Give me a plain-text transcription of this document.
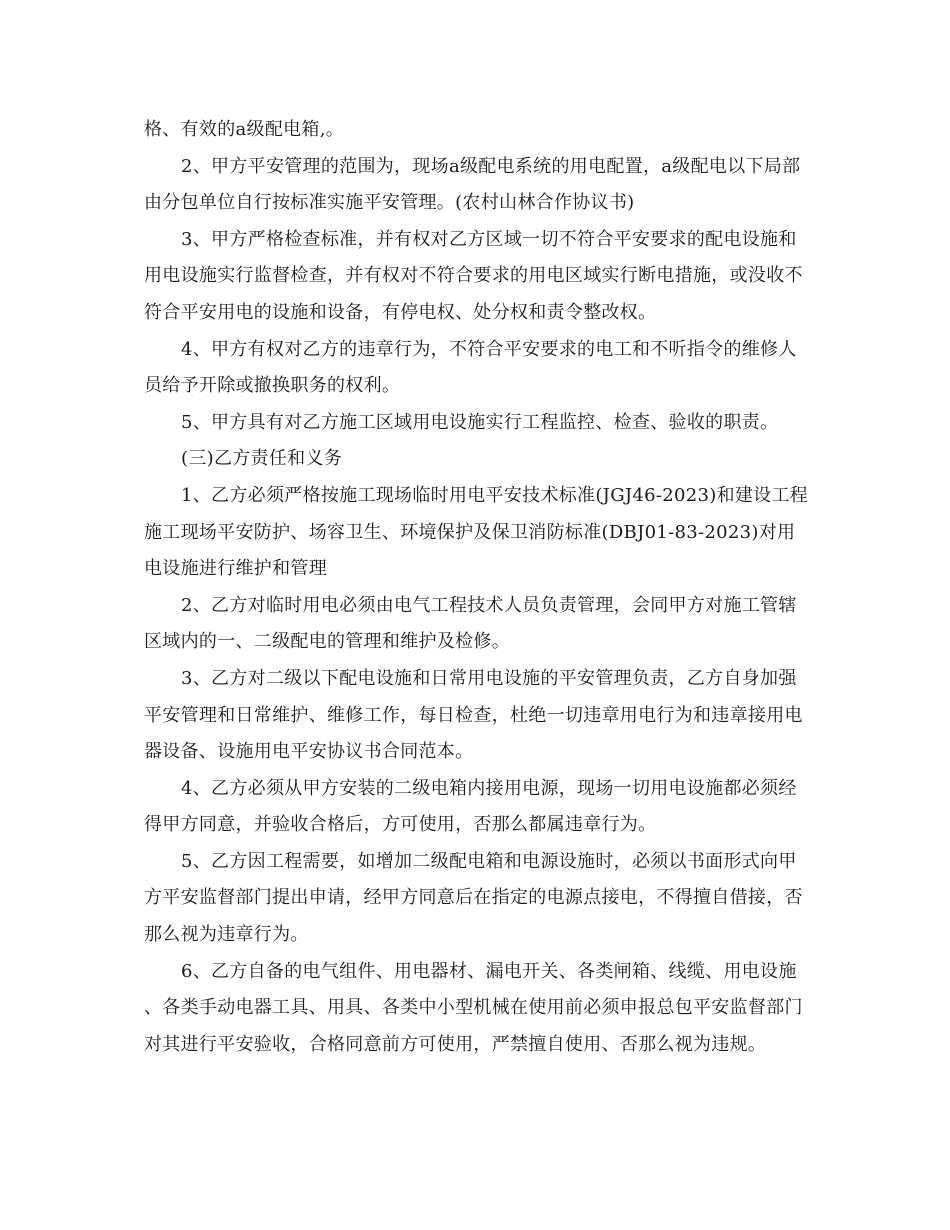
格、有效的a级配电箱,。

2、甲方平安管理的范围为，现场a级配电系统的用电配置，a级配电以下局部由分包单位自行按标准实施平安管理。(农村山林合作协议书)

3、甲方严格检查标准，并有权对乙方区域一切不符合平安要求的配电设施和用电设施实行监督检查，并有权对不符合要求的用电区域实行断电措施，或没收不符合平安用电的设施和设备，有停电权、处分权和责令整改权。

4、甲方有权对乙方的违章行为，不符合平安要求的电工和不听指令的维修人员给予开除或撤换职务的权利。

5、甲方具有对乙方施工区域用电设施实行工程监控、检查、验收的职责。

(三)乙方责任和义务

1、乙方必须严格按施工现场临时用电平安技术标准(JGJ46-2023)和建设工程施工现场平安防护、场容卫生、环境保护及保卫消防标准(DBJ01-83-2023)对用电设施进行维护和管理

2、乙方对临时用电必须由电气工程技术人员负责管理，会同甲方对施工管辖区域内的一、二级配电的管理和维护及检修。

3、乙方对二级以下配电设施和日常用电设施的平安管理负责，乙方自身加强平安管理和日常维护、维修工作，每日检查，杜绝一切违章用电行为和违章接用电器设备、设施用电平安协议书合同范本。

4、乙方必须从甲方安装的二级电箱内接用电源，现场一切用电设施都必须经得甲方同意，并验收合格后，方可使用，否那么都属违章行为。

5、乙方因工程需要，如增加二级配电箱和电源设施时，必须以书面形式向甲方平安监督部门提出申请，经甲方同意后在指定的电源点接电，不得擅自借接，否那么视为违章行为。

6、乙方自备的电气组件、用电器材、漏电开关、各类闸箱、线缆、用电设施、各类手动电器工具、用具、各类中小型机械在使用前必须申报总包平安监督部门对其进行平安验收，合格同意前方可使用，严禁擅自使用、否那么视为违规。
